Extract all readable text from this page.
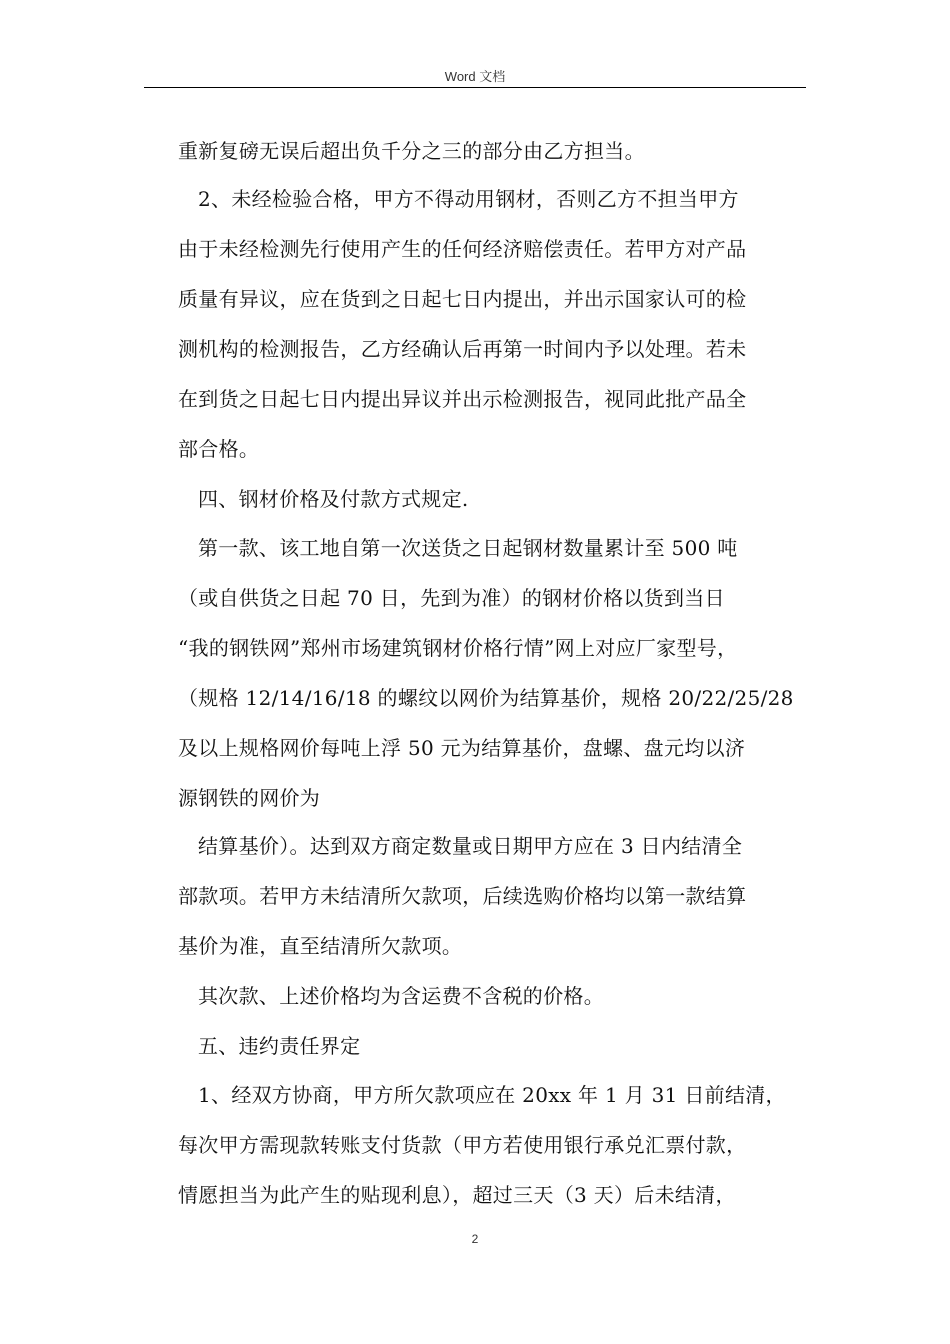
Word 文档
重新复磅无误后超出负千分之三的部分由乙方担当。
2、未经检验合格，甲方不得动用钢材，否则乙方不担当甲方
由于未经检测先行使用产生的任何经济赔偿责任。若甲方对产品
质量有异议，应在货到之日起七日内提出，并出示国家认可的检
测机构的检测报告，乙方经确认后再第一时间内予以处理。若未
在到货之日起七日内提出异议并出示检测报告，视同此批产品全
部合格。
四、钢材价格及付款方式规定.
第一款、该工地自第一次送货之日起钢材数量累计至 500 吨
（或自供货之日起 70 日，先到为准）的钢材价格以货到当日
“我的钢铁网”郑州市场建筑钢材价格行情”网上对应厂家型号，
（规格 12/14/16/18 的螺纹以网价为结算基价，规格 20/22/25/28
及以上规格网价每吨上浮 50 元为结算基价，盘螺、盘元均以济
源钢铁的网价为
结算基价）。达到双方商定数量或日期甲方应在 3 日内结清全
部款项。若甲方未结清所欠款项，后续选购价格均以第一款结算
基价为准，直至结清所欠款项。
其次款、上述价格均为含运费不含税的价格。
五、违约责任界定
1、经双方协商，甲方所欠款项应在 20xx 年 1 月 31 日前结清，
每次甲方需现款转账支付货款（甲方若使用银行承兑汇票付款，
情愿担当为此产生的贴现利息），超过三天（3 天）后未结清，
2
